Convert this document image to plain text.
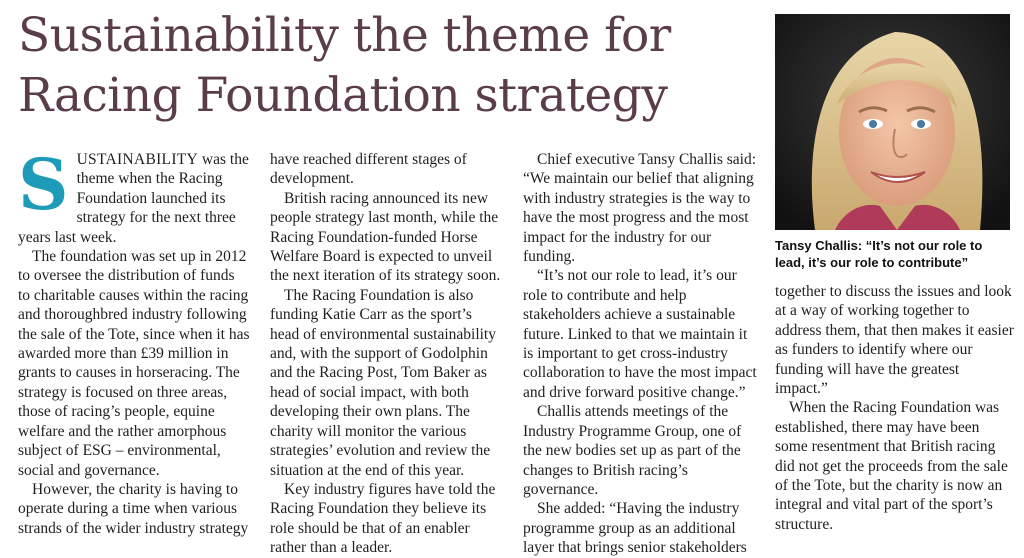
Sustainability the theme for Racing Foundation strategy

SUSTAINABILITY was the theme when the Racing Foundation launched its strategy for the next three years last week.

The foundation was set up in 2012 to oversee the distribution of funds to charitable causes within the racing and thoroughbred industry following the sale of the Tote, since when it has awarded more than £39 million in grants to causes in horseracing. The strategy is focused on three areas, those of racing’s people, equine welfare and the rather amorphous subject of ESG – environmental, social and governance.

However, the charity is having to operate during a time when various strands of the wider industry strategy

have reached different stages of development.

British racing announced its new people strategy last month, while the Racing Foundation-funded Horse Welfare Board is expected to unveil the next iteration of its strategy soon.

The Racing Foundation is also funding Katie Carr as the sport’s head of environmental sustainability and, with the support of Godolphin and the Racing Post, Tom Baker as head of social impact, with both developing their own plans. The charity will monitor the various strategies’ evolution and review the situation at the end of this year.

Key industry figures have told the Racing Foundation they believe its role should be that of an enabler rather than a leader.

Chief executive Tansy Challis said: “We maintain our belief that aligning with industry strategies is the way to have the most progress and the most impact for the industry for our funding.

“It’s not our role to lead, it’s our role to contribute and help stakeholders achieve a sustainable future. Linked to that we maintain it is important to get cross-industry collaboration to have the most impact and drive forward positive change.”

Challis attends meetings of the Industry Programme Group, one of the new bodies set up as part of the changes to British racing’s governance.

She added: “Having the industry programme group as an additional layer that brings senior stakeholders

Tansy Challis: “It’s not our role to lead, it’s our role to contribute”

together to discuss the issues and look at a way of working together to address them, that then makes it easier as funders to identify where our funding will have the greatest impact.”

When the Racing Foundation was established, there may have been some resentment that British racing did not get the proceeds from the sale of the Tote, but the charity is now an integral and vital part of the sport’s structure.
